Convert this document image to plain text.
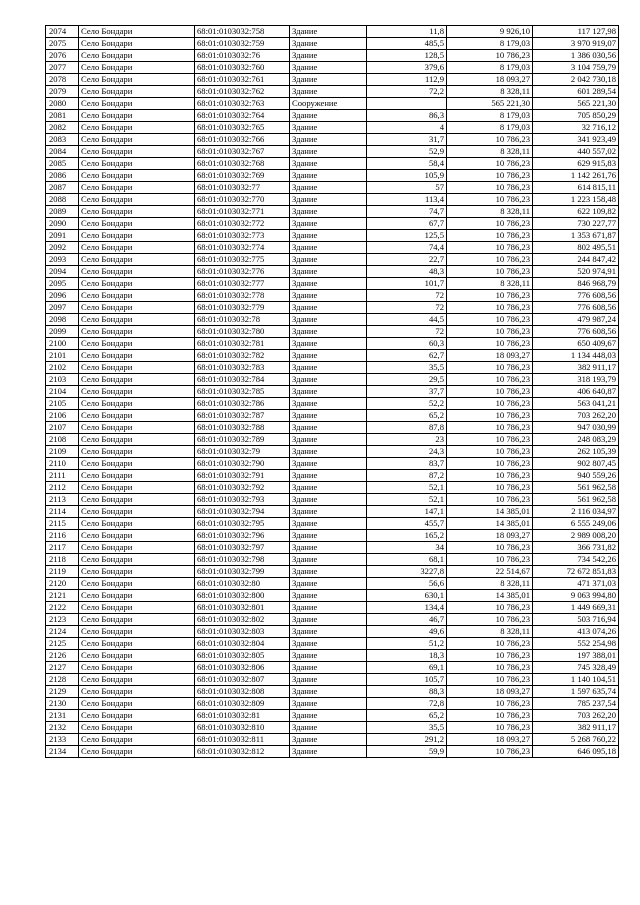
2074	Село Бондари	68:01:0103032:758	Здание	11,8	9 926,10	117 127,98
2075	Село Бондари	68:01:0103032:759	Здание	485,5	8 179,03	3 970 919,07
2076	Село Бондари	68:01:0103032:76	Здание	128,5	10 786,23	1 386 030,56
2077	Село Бондари	68:01:0103032:760	Здание	379,6	8 179,03	3 104 759,79
2078	Село Бондари	68:01:0103032:761	Здание	112,9	18 093,27	2 042 730,18
2079	Село Бондари	68:01:0103032:762	Здание	72,2	8 328,11	601 289,54
2080	Село Бондари	68:01:0103032:763	Сооружение		565 221,30	565 221,30
2081	Село Бондари	68:01:0103032:764	Здание	86,3	8 179,03	705 850,29
2082	Село Бондари	68:01:0103032:765	Здание	4	8 179,03	32 716,12
2083	Село Бондари	68:01:0103032:766	Здание	31,7	10 786,23	341 923,49
2084	Село Бондари	68:01:0103032:767	Здание	52,9	8 328,11	440 557,02
2085	Село Бондари	68:01:0103032:768	Здание	58,4	10 786,23	629 915,83
2086	Село Бондари	68:01:0103032:769	Здание	105,9	10 786,23	1 142 261,76
2087	Село Бондари	68:01:0103032:77	Здание	57	10 786,23	614 815,11
2088	Село Бондари	68:01:0103032:770	Здание	113,4	10 786,23	1 223 158,48
2089	Село Бондари	68:01:0103032:771	Здание	74,7	8 328,11	622 109,82
2090	Село Бондари	68:01:0103032:772	Здание	67,7	10 786,23	730 227,77
2091	Село Бондари	68:01:0103032:773	Здание	125,5	10 786,23	1 353 671,87
2092	Село Бондари	68:01:0103032:774	Здание	74,4	10 786,23	802 495,51
2093	Село Бондари	68:01:0103032:775	Здание	22,7	10 786,23	244 847,42
2094	Село Бондари	68:01:0103032:776	Здание	48,3	10 786,23	520 974,91
2095	Село Бондари	68:01:0103032:777	Здание	101,7	8 328,11	846 968,79
2096	Село Бондари	68:01:0103032:778	Здание	72	10 786,23	776 608,56
2097	Село Бондари	68:01:0103032:779	Здание	72	10 786,23	776 608,56
2098	Село Бондари	68:01:0103032:78	Здание	44,5	10 786,23	479 987,24
2099	Село Бондари	68:01:0103032:780	Здание	72	10 786,23	776 608,56
2100	Село Бондари	68:01:0103032:781	Здание	60,3	10 786,23	650 409,67
2101	Село Бондари	68:01:0103032:782	Здание	62,7	18 093,27	1 134 448,03
2102	Село Бондари	68:01:0103032:783	Здание	35,5	10 786,23	382 911,17
2103	Село Бондари	68:01:0103032:784	Здание	29,5	10 786,23	318 193,79
2104	Село Бондари	68:01:0103032:785	Здание	37,7	10 786,23	406 640,87
2105	Село Бондари	68:01:0103032:786	Здание	52,2	10 786,23	563 041,21
2106	Село Бондари	68:01:0103032:787	Здание	65,2	10 786,23	703 262,20
2107	Село Бондари	68:01:0103032:788	Здание	87,8	10 786,23	947 030,99
2108	Село Бондари	68:01:0103032:789	Здание	23	10 786,23	248 083,29
2109	Село Бондари	68:01:0103032:79	Здание	24,3	10 786,23	262 105,39
2110	Село Бондари	68:01:0103032:790	Здание	83,7	10 786,23	902 807,45
2111	Село Бондари	68:01:0103032:791	Здание	87,2	10 786,23	940 559,26
2112	Село Бондари	68:01:0103032:792	Здание	52,1	10 786,23	561 962,58
2113	Село Бондари	68:01:0103032:793	Здание	52,1	10 786,23	561 962,58
2114	Село Бондари	68:01:0103032:794	Здание	147,1	14 385,01	2 116 034,97
2115	Село Бондари	68:01:0103032:795	Здание	455,7	14 385,01	6 555 249,06
2116	Село Бондари	68:01:0103032:796	Здание	165,2	18 093,27	2 989 008,20
2117	Село Бондари	68:01:0103032:797	Здание	34	10 786,23	366 731,82
2118	Село Бондари	68:01:0103032:798	Здание	68,1	10 786,23	734 542,26
2119	Село Бондари	68:01:0103032:799	Здание	3227,8	22 514,67	72 672 851,83
2120	Село Бондари	68:01:0103032:80	Здание	56,6	8 328,11	471 371,03
2121	Село Бондари	68:01:0103032:800	Здание	630,1	14 385,01	9 063 994,80
2122	Село Бондари	68:01:0103032:801	Здание	134,4	10 786,23	1 449 669,31
2123	Село Бондари	68:01:0103032:802	Здание	46,7	10 786,23	503 716,94
2124	Село Бондари	68:01:0103032:803	Здание	49,6	8 328,11	413 074,26
2125	Село Бондари	68:01:0103032:804	Здание	51,2	10 786,23	552 254,98
2126	Село Бондари	68:01:0103032:805	Здание	18,3	10 786,23	197 388,01
2127	Село Бондари	68:01:0103032:806	Здание	69,1	10 786,23	745 328,49
2128	Село Бондари	68:01:0103032:807	Здание	105,7	10 786,23	1 140 104,51
2129	Село Бондари	68:01:0103032:808	Здание	88,3	18 093,27	1 597 635,74
2130	Село Бондари	68:01:0103032:809	Здание	72,8	10 786,23	785 237,54
2131	Село Бондари	68:01:0103032:81	Здание	65,2	10 786,23	703 262,20
2132	Село Бондари	68:01:0103032:810	Здание	35,5	10 786,23	382 911,17
2133	Село Бондари	68:01:0103032:811	Здание	291,2	18 093,27	5 268 760,22
2134	Село Бондари	68:01:0103032:812	Здание	59,9	10 786,23	646 095,18
